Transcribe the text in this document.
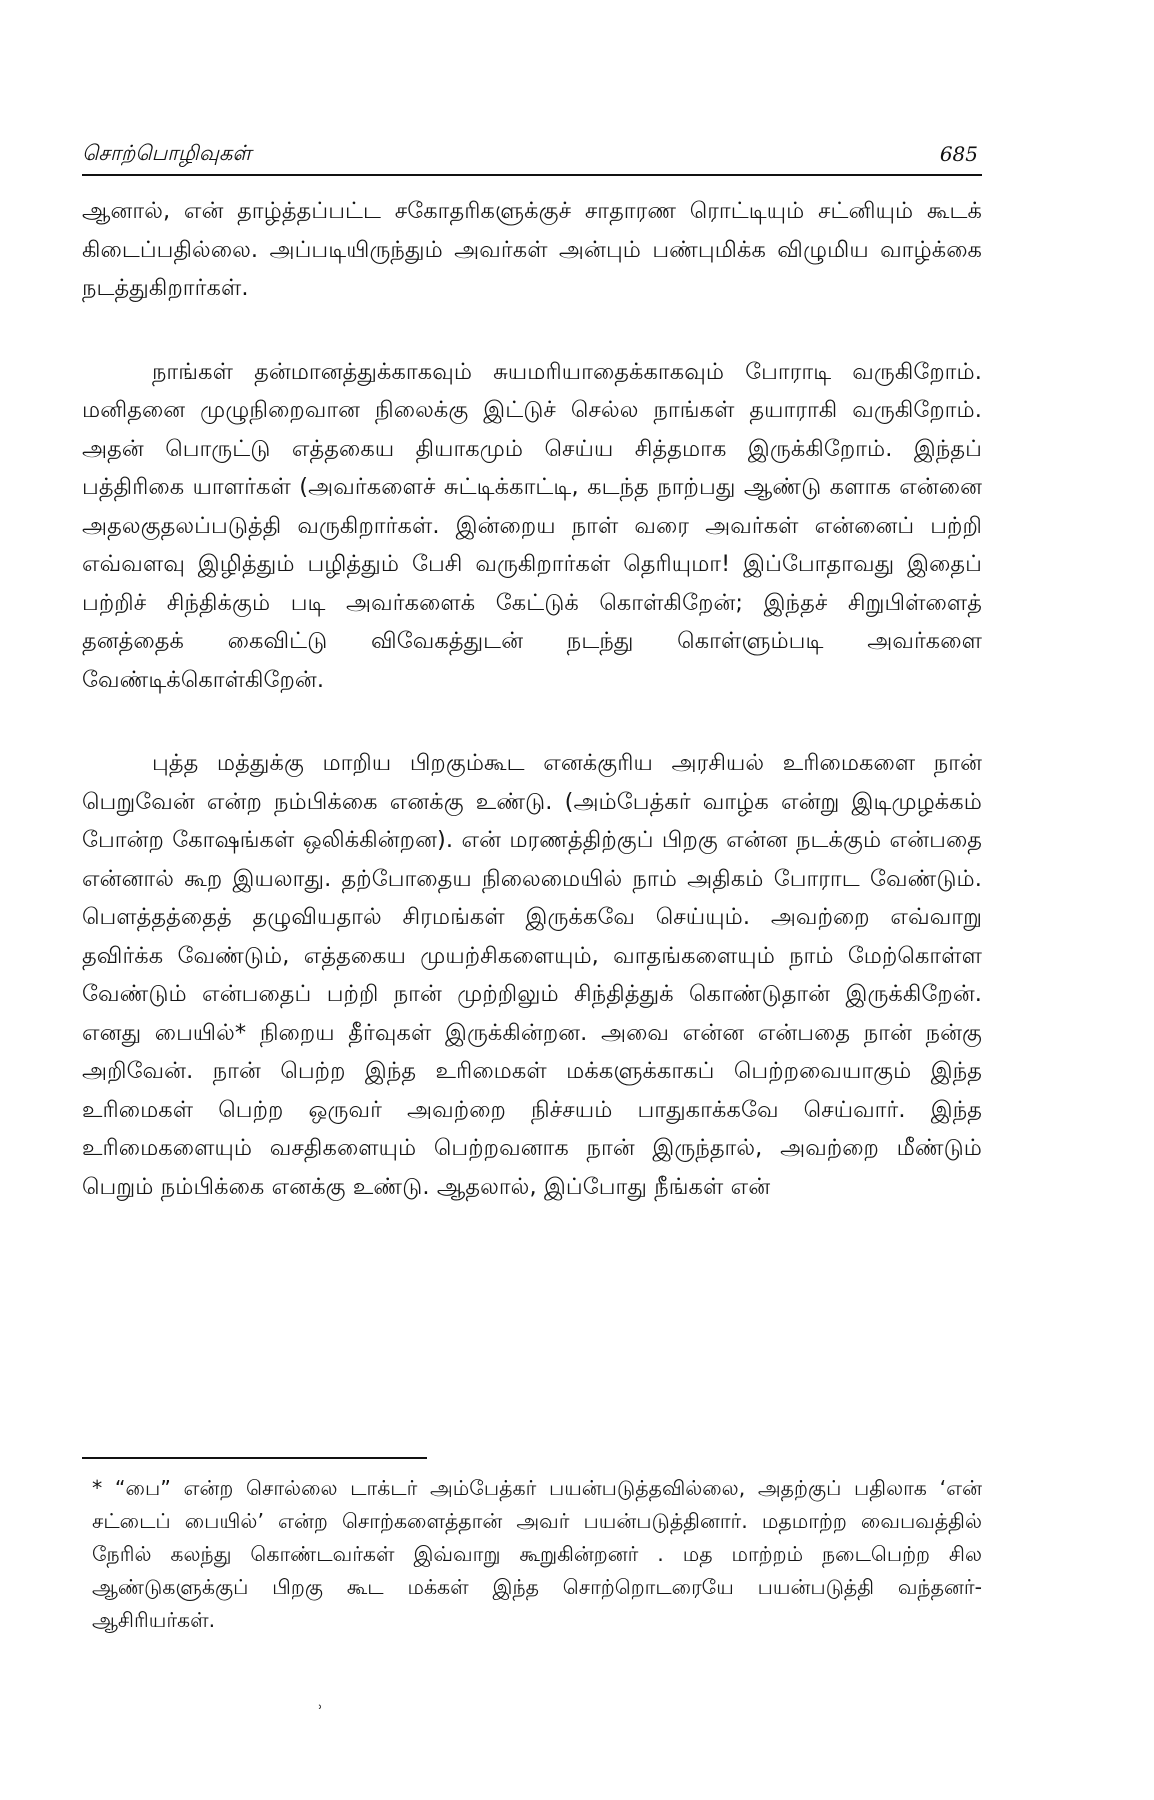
சொற்பொழிவுகள்	685

ஆனால், என் தாழ்த்தப்பட்ட சகோதரிகளுக்குச் சாதாரண ரொட்டியும் சட்னியும் கூடக் கிடைப்பதில்லை. அப்படியிருந்தும் அவர்கள் அன்பும் பண்புமிக்க விழுமிய வாழ்க்கை நடத்துகிறார்கள்.

நாங்கள் தன்மானத்துக்காகவும் சுயமரியாதைக்காகவும் போராடி வருகிறோம். மனிதனை முழுநிறைவான நிலைக்கு இட்டுச் செல்ல நாங்கள் தயாராகி வருகிறோம். அதன் பொருட்டு எத்தகைய தியாகமும் செய்ய சித்தமாக இருக்கிறோம். இந்தப் பத்திரிகை யாளர்கள் (அவர்களைச் சுட்டிக்காட்டி, கடந்த நாற்பது ஆண்டு களாக என்னை அதலகுதலப்படுத்தி வருகிறார்கள். இன்றைய நாள் வரை அவர்கள் என்னைப் பற்றி எவ்வளவு இழித்தும் பழித்தும் பேசி வருகிறார்கள் தெரியுமா! இப்போதாவது இதைப் பற்றிச் சிந்திக்கும் படி அவர்களைக் கேட்டுக் கொள்கிறேன்; இந்தச் சிறுபிள்ளைத் தனத்தைக் கைவிட்டு விவேகத்துடன் நடந்து கொள்ளும்படி அவர்களை வேண்டிக்கொள்கிறேன்.

புத்த மத்துக்கு மாறிய பிறகும்கூட எனக்குரிய அரசியல் உரிமைகளை நான் பெறுவேன் என்ற நம்பிக்கை எனக்கு உண்டு. (அம்பேத்கர் வாழ்க என்று இடிமுழக்கம் போன்ற கோஷங்கள் ஒலிக்கின்றன). என் மரணத்திற்குப் பிறகு என்ன நடக்கும் என்பதை என்னால் கூற இயலாது. தற்போதைய நிலைமையில் நாம் அதிகம் போராட வேண்டும். பௌத்தத்தைத் தழுவியதால் சிரமங்கள் இருக்கவே செய்யும். அவற்றை எவ்வாறு தவிர்க்க வேண்டும், எத்தகைய முயற்சிகளையும், வாதங்களையும் நாம் மேற்கொள்ள வேண்டும் என்பதைப் பற்றி நான் முற்றிலும் சிந்தித்துக் கொண்டுதான் இருக்கிறேன். எனது பையில்* நிறைய தீர்வுகள் இருக்கின்றன. அவை என்ன என்பதை நான் நன்கு அறிவேன். நான் பெற்ற இந்த உரிமைகள் மக்களுக்காகப் பெற்றவையாகும் இந்த உரிமைகள் பெற்ற ஒருவர் அவற்றை நிச்சயம் பாதுகாக்கவே செய்வார். இந்த உரிமைகளையும் வசதிகளையும் பெற்றவனாக நான் இருந்தால், அவற்றை மீண்டும் பெறும் நம்பிக்கை எனக்கு உண்டு. ஆதலால், இப்போது நீங்கள் என்

* “பை” என்ற சொல்லை டாக்டர் அம்பேத்கர் பயன்படுத்தவில்லை, அதற்குப் பதிலாக ‘என் சட்டைப் பையில்’ என்ற சொற்களைத்தான் அவர் பயன்படுத்தினார். மதமாற்ற வைபவத்தில் நேரில் கலந்து கொண்டவர்கள் இவ்வாறு கூறுகின்றனர் . மத மாற்றம் நடைபெற்ற சில ஆண்டுகளுக்குப் பிறகு கூட மக்கள் இந்த சொற்றொடரையே பயன்படுத்தி வந்தனர்- ஆசிரியர்கள்.

˒
